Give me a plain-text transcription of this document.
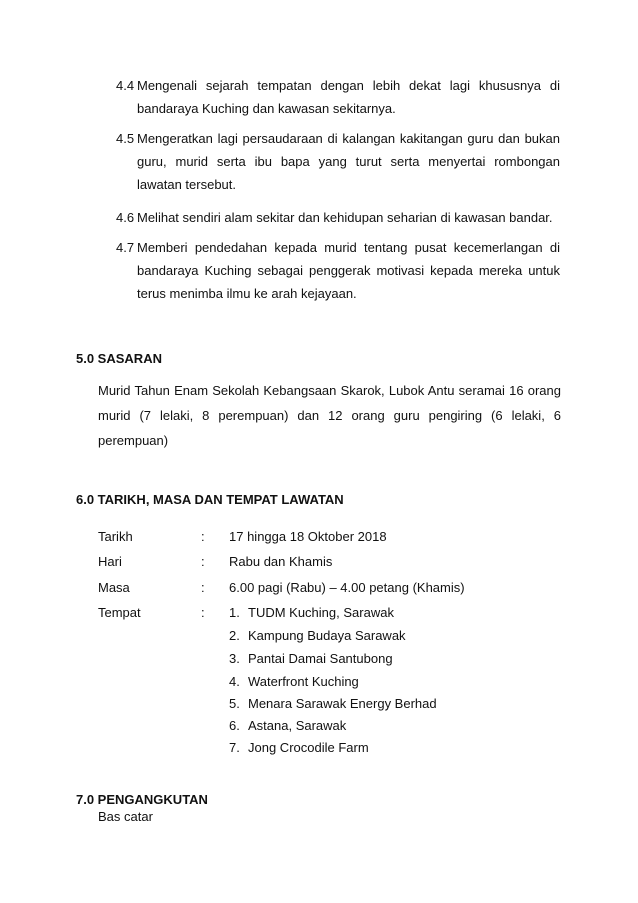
4.4 Mengenali sejarah tempatan dengan lebih dekat lagi khususnya di bandaraya Kuching dan kawasan sekitarnya.
4.5 Mengeratkan lagi persaudaraan di kalangan kakitangan guru dan bukan guru, murid serta ibu bapa yang turut serta menyertai rombongan lawatan tersebut.
4.6 Melihat sendiri alam sekitar dan kehidupan seharian di kawasan bandar.
4.7 Memberi pendedahan kepada murid tentang pusat kecemerlangan di bandaraya Kuching sebagai penggerak motivasi kepada mereka untuk terus menimba ilmu ke arah kejayaan.
5.0 SASARAN
Murid Tahun Enam Sekolah Kebangsaan Skarok, Lubok Antu seramai 16 orang murid (7 lelaki, 8 perempuan) dan 12 orang guru pengiring (6 lelaki, 6 perempuan)
6.0 TARIKH, MASA DAN TEMPAT LAWATAN
Tarikh	: 17 hingga 18 Oktober 2018
Hari	: Rabu dan Khamis
Masa	: 6.00 pagi (Rabu) – 4.00 petang (Khamis)
Tempat	: 1. TUDM Kuching, Sarawak
2. Kampung Budaya Sarawak
3. Pantai Damai Santubong
4. Waterfront Kuching
5. Menara Sarawak Energy Berhad
6. Astana, Sarawak
7. Jong Crocodile Farm
7.0 PENGANGKUTAN
Bas catar
